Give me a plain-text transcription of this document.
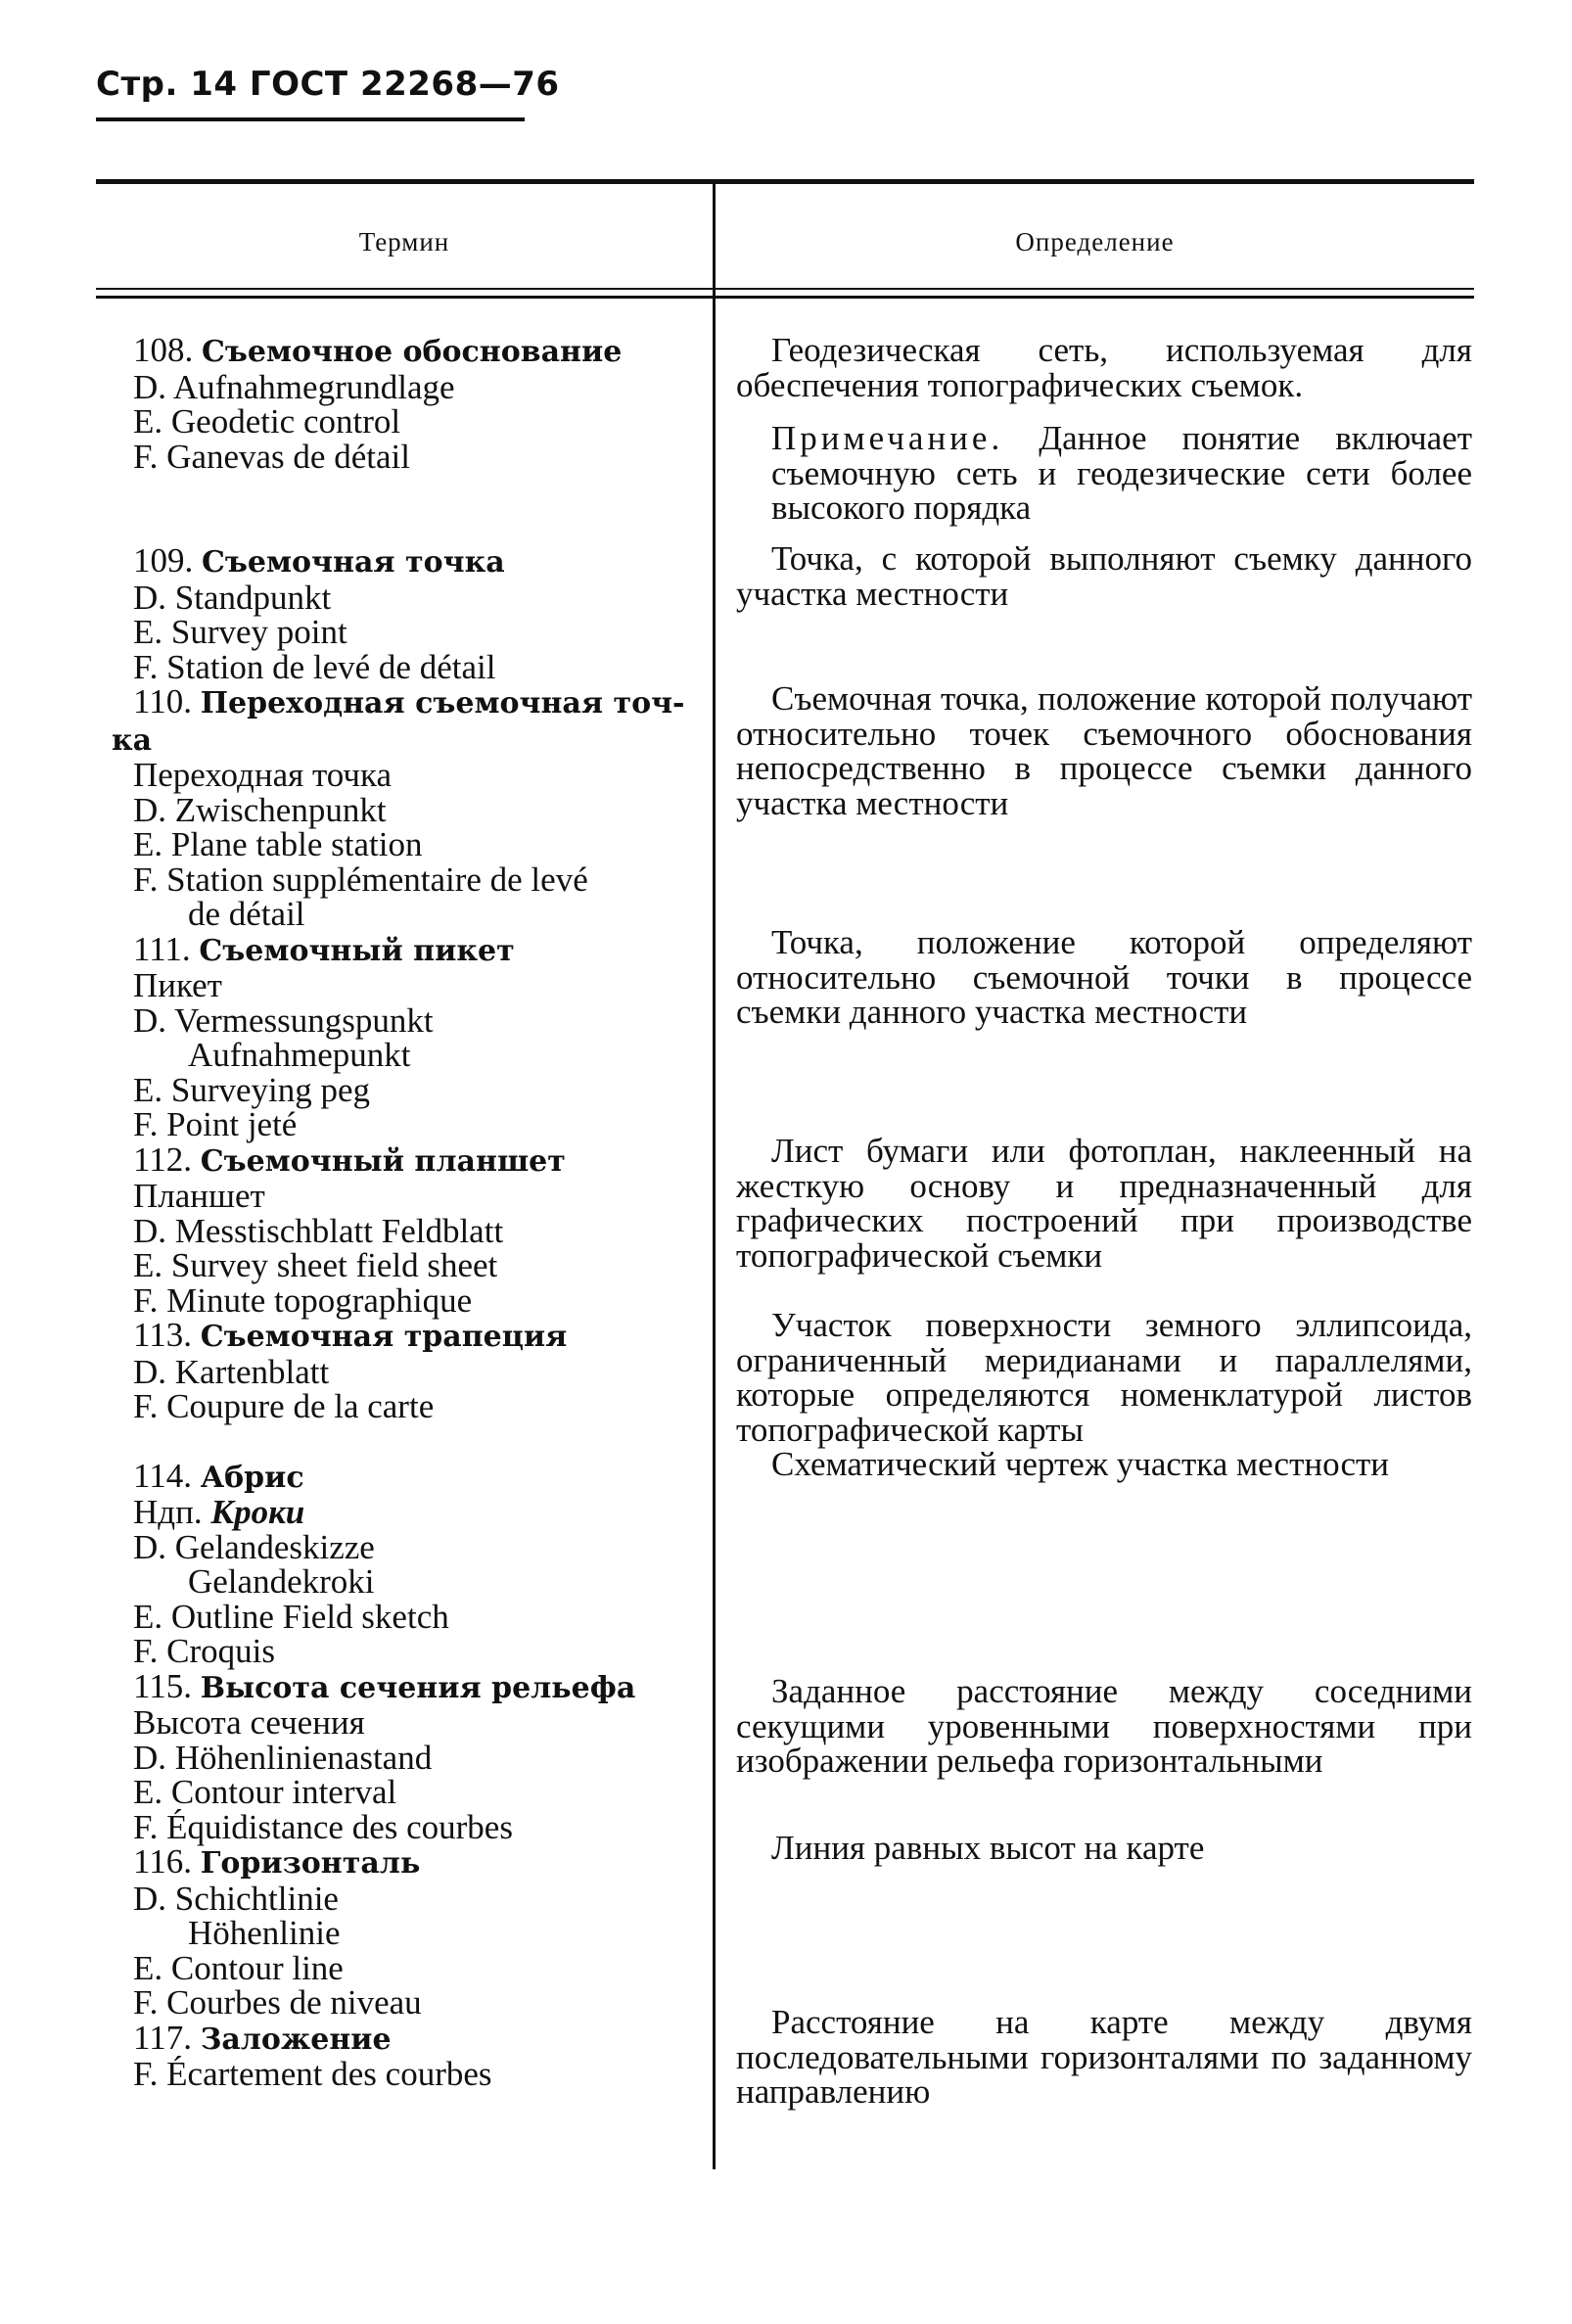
Стр. 14 ГОСТ 22268—76
Термин	Определение
108. Съемочное обоснование
D. Aufnahmegrundlage
E. Geodetic control
F. Ganevas de détail
109. Съемочная точка
D. Standpunkt
E. Survey point
F. Station de levé de détail
110. Переходная съемочная точ-
ка
Переходная точка
D. Zwischenpunkt
E. Plane table station
F. Station supplémentaire de levé
de détail
111. Съемочный пикет
Пикет
D. Vermessungspunkt
Aufnahmepunkt
E. Surveying peg
F. Point jeté
112. Съемочный планшет
Планшет
D. Messtischblatt Feldblatt
E. Survey sheet field sheet
F. Minute topographique
113. Съемочная трапеция
D. Kartenblatt
F. Coupure de la carte
114. Абрис
Ндп. Кроки
D. Gelandeskizze
Gelandekroki
E. Outline Field sketch
F. Croquis
115. Высота сечения рельефа
Высота сечения
D. Höhenlinienastand
E. Contour interval
F. Équidistance des courbes
116. Горизонталь
D. Schichtlinie
Höhenlinie
E. Contour line
F. Courbes de niveau
117. Заложение
F. Écartement des courbes
Геодезическая сеть, используемая для обеспечения топографических съемок.
Примечание. Данное понятие включает съемочную сеть и геодезические сети более высокого порядка
Точка, с которой выполняют съемку данного участка местности
Съемочная точка, положение которой получают относительно точек съемочного обоснования непосредственно в процессе съемки данного участка местности
Точка, положение которой определяют относительно съемочной точки в процессе съемки данного участка местности
Лист бумаги или фотоплан, наклеенный на жесткую основу и предназначенный для графических построений при производстве топографической съемки
Участок поверхности земного эллипсоида, ограниченный меридианами и параллелями, которые определяются номенклатурой листов топографической карты
Схематический чертеж участка местности
Заданное расстояние между соседними секущими уровенными поверхностями при изображении рельефа горизонтальными
Линия равных высот на карте
Расстояние на карте между двумя последовательными горизонталями по заданному направлению
